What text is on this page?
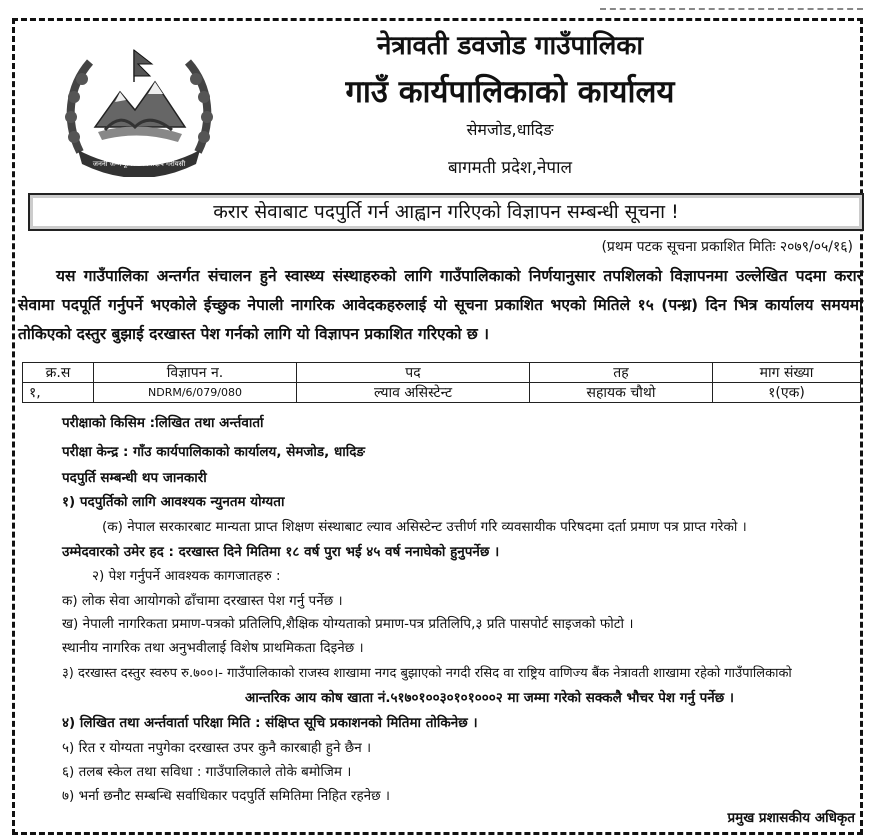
जननी जन्मभूमिश्च स्वर्गादपि गरीयसी
नेत्रावती डवजोड गाउँपालिका
गाउँ कार्यपालिकाको कार्यालय
सेमजोड,धादिङ
बागमती प्रदेश,नेपाल
करार सेवाबाट पदपुर्ति गर्न आह्वान गरिएको विज्ञापन सम्बन्धी सूचना !
(प्रथम पटक सूचना प्रकाशित मितिः २०७९/०५/१६)
यस गाउँपालिका अन्तर्गत संचालन हुने स्वास्थ्य संस्थाहरुको लागि गाउँपालिकाको निर्णयानुसार तपशिलको विज्ञापनमा उल्लेखित पदमा करार सेवामा पदपूर्ति गर्नुपर्ने भएकोले ईच्छुक नेपाली नागरिक आवेदकहरुलाई यो सूचना प्रकाशित भएको मितिले १५ (पन्ध्र) दिन भित्र कार्यालय समयमा तोकिएको दस्तुर बुझाई दरखास्त पेश गर्नको लागि यो विज्ञापन प्रकाशित गरिएको छ ।
क्र.स	विज्ञापन न.	पद	तह	माग संख्या
१,	NDRM/6/079/080	ल्याव असिस्टेन्ट	सहायक चौथो	१(एक)
परीक्षाको किसिम :लिखित तथा अर्न्तवार्ता
परीक्षा केन्द्र : गाँउ कार्यपालिकाको कार्यालय, सेमजोड, धादिङ
पदपुर्ति सम्बन्धी थप जानकारी
१) पदपुर्तिको लागि आवश्यक न्युनतम योग्यता
(क) नेपाल सरकारबाट मान्यता प्राप्त शिक्षण संस्थाबाट ल्याव असिस्टेन्ट उत्तीर्ण गरि व्यवसायीक परिषदमा दर्ता प्रमाण पत्र प्राप्त गरेको ।
उम्मेदवारको उमेर हद : दरखास्त दिने मितिमा १८ वर्ष पुरा भई ४५ वर्ष ननाघेको हुनुपर्नेछ ।
२) पेश गर्नुपर्ने आवश्यक कागजातहरु :
क) लोक सेवा आयोगको ढाँचामा दरखास्त पेश गर्नु पर्नेछ ।
ख) नेपाली नागरिकता प्रमाण-पत्रको प्रतिलिपि,शैक्षिक योग्यताको प्रमाण-पत्र प्रतिलिपि,३ प्रति पासपोर्ट साइजको फोटो ।
स्थानीय नागरिक तथा अनुभवीलाई विशेष प्राथमिकता दिइनेछ ।
३) दरखास्त दस्तुर स्वरुप रु.७००।- गाउँपालिकाको राजस्व शाखामा नगद बुझाएको नगदी रसिद वा राष्ट्रिय वाणिज्य बैंक नेत्रावती शाखामा रहेको गाउँपालिकाको
आन्तरिक आय कोष खाता नं.५१७०१००३०१०१०००२ मा जम्मा गरेको सक्कलै भौचर पेश गर्नु पर्नेछ ।
४) लिखित तथा अर्न्तवार्ता परिक्षा मिति : संक्षिप्त सूचि प्रकाशनको मितिमा तोकिनेछ ।
५) रित र योग्यता नपुगेका दरखास्त उपर कुनै कारबाही हुने छैन ।
६) तलब स्केल तथा सविधा : गाउँपालिकाले तोके बमोजिम ।
७) भर्ना छनौट सम्बन्धि सर्वाधिकार पदपुर्ति समितिमा निहित रहनेछ ।
प्रमुख प्रशासकीय अधिकृत
